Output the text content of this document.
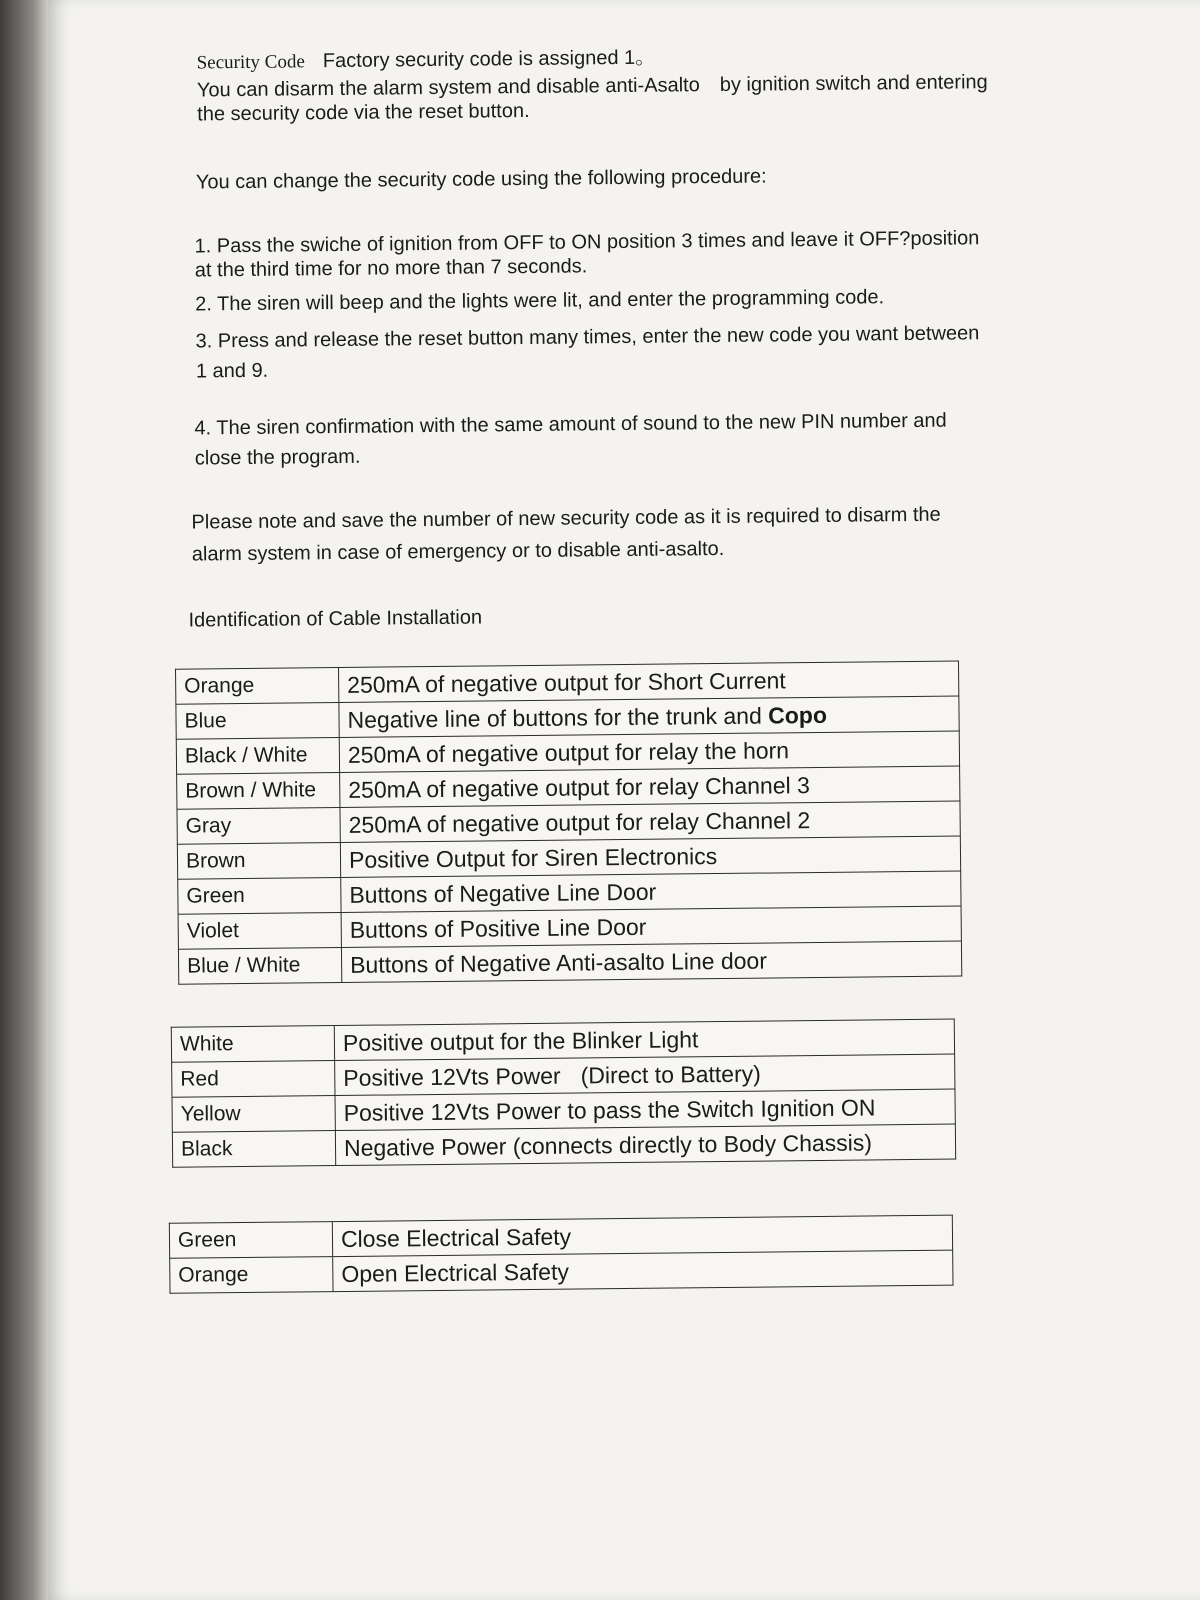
Security Code Factory security code is assigned 1。
You can disarm the alarm system and disable anti-Asalto by ignition switch and entering
the security code via the reset button.
You can change the security code using the following procedure:
1. Pass the swiche of ignition from OFF to ON position 3 times and leave it OFF?position
at the third time for no more than 7 seconds.
2. The siren will beep and the lights were lit, and enter the programming code.
3. Press and release the reset button many times, enter the new code you want between
1 and 9.
4. The siren confirmation with the same amount of sound to the new PIN number and
close the program.
Please note and save the number of new security code as it is required to disarm the
alarm system in case of emergency or to disable anti-asalto.
Identification of Cable Installation
Orange	250mA of negative output for Short Current
Blue	Negative line of buttons for the trunk and Copo
Black / White	250mA of negative output for relay the horn
Brown / White	250mA of negative output for relay Channel 3
Gray	250mA of negative output for relay Channel 2
Brown	Positive Output for Siren Electronics
Green	Buttons of Negative Line Door
Violet	Buttons of Positive Line Door
Blue / White	Buttons of Negative Anti-asalto Line door
White	Positive output for the Blinker Light
Red	Positive 12Vts Power (Direct to Battery)
Yellow	Positive 12Vts Power to pass the Switch Ignition ON
Black	Negative Power (connects directly to Body Chassis)
Green	Close Electrical Safety
Orange	Open Electrical Safety
